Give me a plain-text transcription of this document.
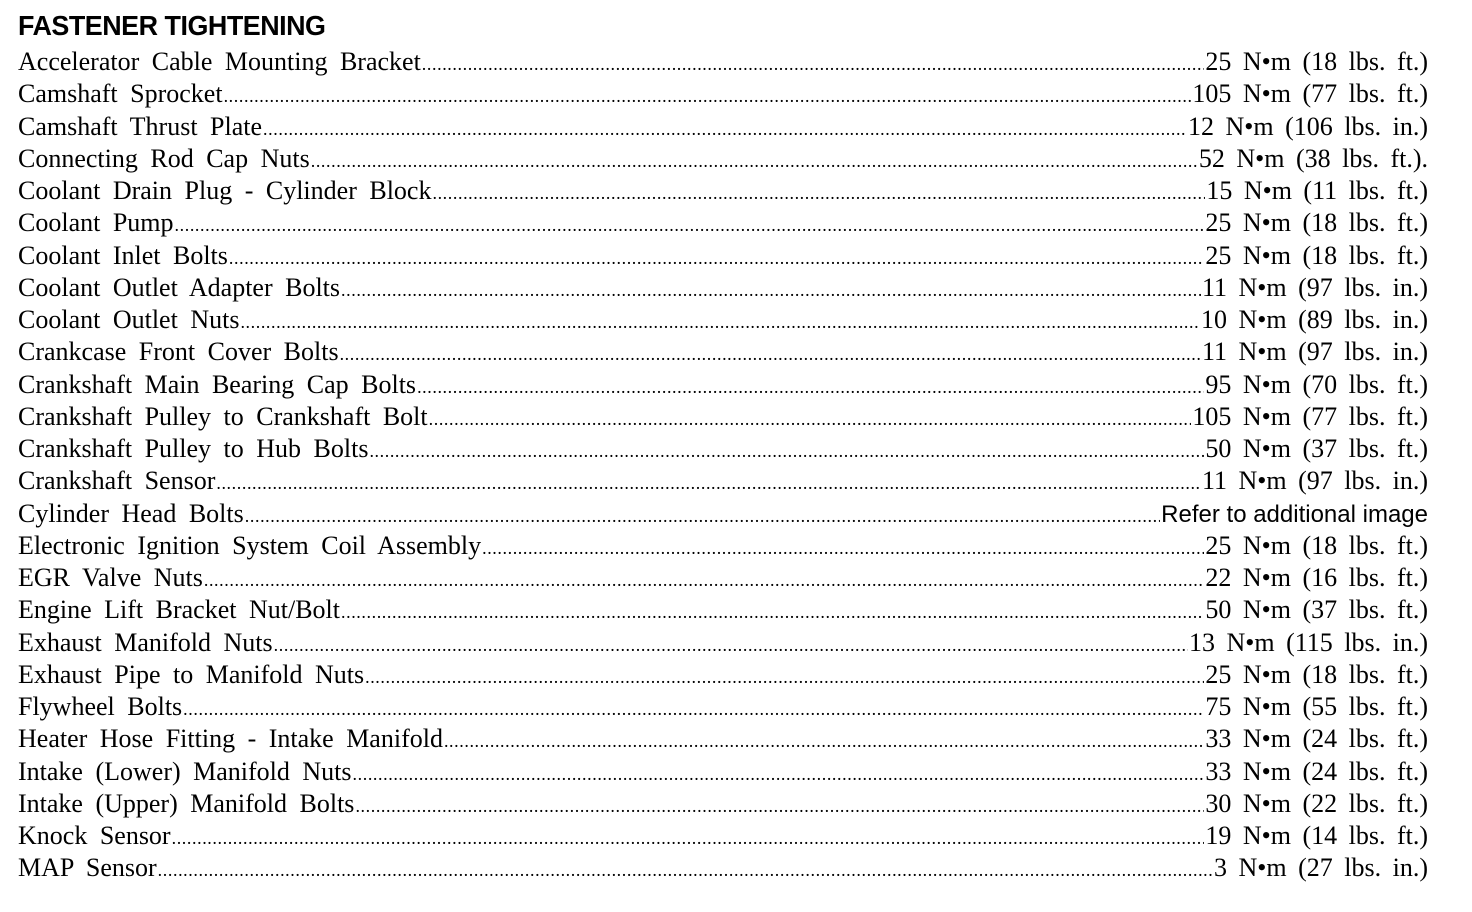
FASTENER TIGHTENING
Accelerator Cable Mounting Bracket .....	25 N•m (18 lbs. ft.)
Camshaft Sprocket .....	105 N•m (77 lbs. ft.)
Camshaft Thrust Plate .....	12 N•m (106 lbs. in.)
Connecting Rod Cap Nuts .....	52 N•m (38 lbs. ft.).
Coolant Drain Plug - Cylinder Block .....	15 N•m (11 lbs. ft.)
Coolant Pump .....	25 N•m (18 lbs. ft.)
Coolant Inlet Bolts .....	25 N•m (18 lbs. ft.)
Coolant Outlet Adapter Bolts .....	11 N•m (97 lbs. in.)
Coolant Outlet Nuts .....	10 N•m (89 lbs. in.)
Crankcase Front Cover Bolts .....	11 N•m (97 lbs. in.)
Crankshaft Main Bearing Cap Bolts .....	95 N•m (70 lbs. ft.)
Crankshaft Pulley to Crankshaft Bolt .....	105 N•m (77 lbs. ft.)
Crankshaft Pulley to Hub Bolts .....	50 N•m (37 lbs. ft.)
Crankshaft Sensor .....	11 N•m (97 lbs. in.)
Cylinder Head Bolts .....	Refer to additional image
Electronic Ignition System Coil Assembly .....	25 N•m (18 lbs. ft.)
EGR Valve Nuts .....	22 N•m (16 lbs. ft.)
Engine Lift Bracket Nut/Bolt .....	50 N•m (37 lbs. ft.)
Exhaust Manifold Nuts .....	13 N•m (115 lbs. in.)
Exhaust Pipe to Manifold Nuts .....	25 N•m (18 lbs. ft.)
Flywheel Bolts .....	75 N•m (55 lbs. ft.)
Heater Hose Fitting - Intake Manifold .....	33 N•m (24 lbs. ft.)
Intake (Lower) Manifold Nuts .....	33 N•m (24 lbs. ft.)
Intake (Upper) Manifold Bolts .....	30 N•m (22 lbs. ft.)
Knock Sensor .....	19 N•m (14 lbs. ft.)
MAP Sensor .....	3 N•m (27 lbs. in.)
